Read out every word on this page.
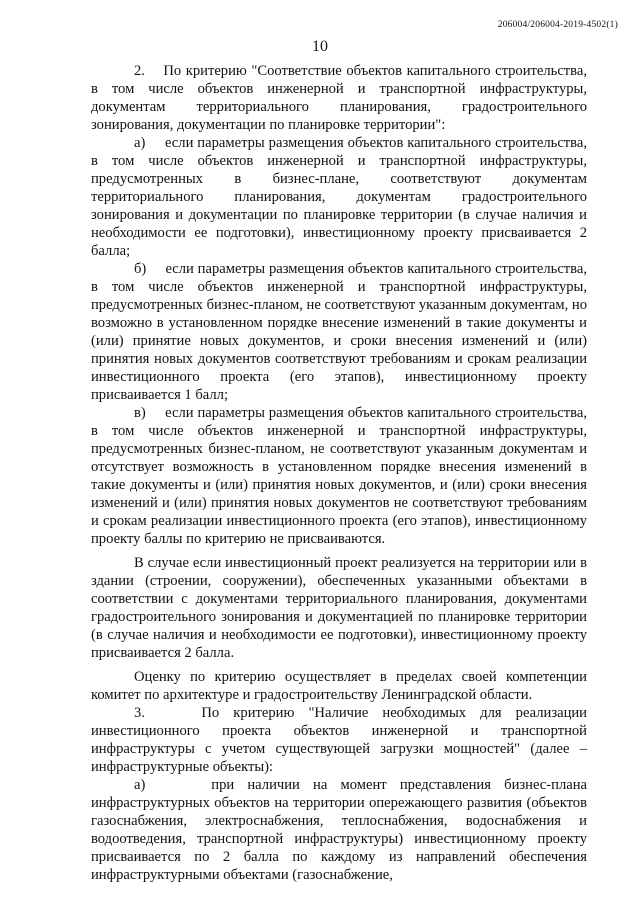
206004/206004-2019-4502(1)
10

2.    По критерию "Соответствие объектов капитального строительства, в том числе объектов инженерной и транспортной инфраструктуры, документам территориального планирования, градостроительного зонирования, документации по планировке территории":

а)     если параметры размещения объектов капитального строительства, в том числе объектов инженерной и транспортной инфраструктуры, предусмотренных в бизнес-плане, соответствуют документам территориального планирования, документам градостроительного зонирования и документации по планировке территории (в случае наличия и необходимости ее подготовки), инвестиционному проекту присваивается 2 балла;

б)     если параметры размещения объектов капитального строительства, в том числе объектов инженерной и транспортной инфраструктуры, предусмотренных бизнес-планом, не соответствуют указанным документам, но возможно в установленном порядке внесение изменений в такие документы и (или) принятие новых документов, и сроки внесения изменений и (или) принятия новых документов соответствуют требованиям и срокам реализации инвестиционного проекта (его этапов), инвестиционному проекту присваивается 1 балл;

в)     если параметры размещения объектов капитального строительства, в том числе объектов инженерной и транспортной инфраструктуры, предусмотренных бизнес-планом, не соответствуют указанным документам и отсутствует возможность в установленном порядке внесения изменений в такие документы и (или) принятия новых документов, и (или) сроки внесения изменений и (или) принятия новых документов не соответствуют требованиям и срокам реализации инвестиционного проекта (его этапов), инвестиционному проекту баллы по критерию не присваиваются.

В случае если инвестиционный проект реализуется на территории или в здании (строении, сооружении), обеспеченных указанными объектами в соответствии с документами территориального планирования, документами градостроительного зонирования и документацией по планировке территории (в случае наличия и необходимости ее подготовки), инвестиционному проекту присваивается 2 балла.

Оценку по критерию осуществляет в пределах своей компетенции комитет по архитектуре и градостроительству Ленинградской области.

3.    По критерию "Наличие необходимых для реализации инвестиционного проекта объектов инженерной и транспортной инфраструктуры с учетом существующей загрузки мощностей" (далее – инфраструктурные объекты):

а)     при наличии на момент представления бизнес-плана инфраструктурных объектов на территории опережающего развития (объектов газоснабжения, электроснабжения, теплоснабжения, водоснабжения и водоотведения, транспортной инфраструктуры) инвестиционному проекту присваивается по 2 балла по каждому из направлений обеспечения инфраструктурными объектами (газоснабжение,
